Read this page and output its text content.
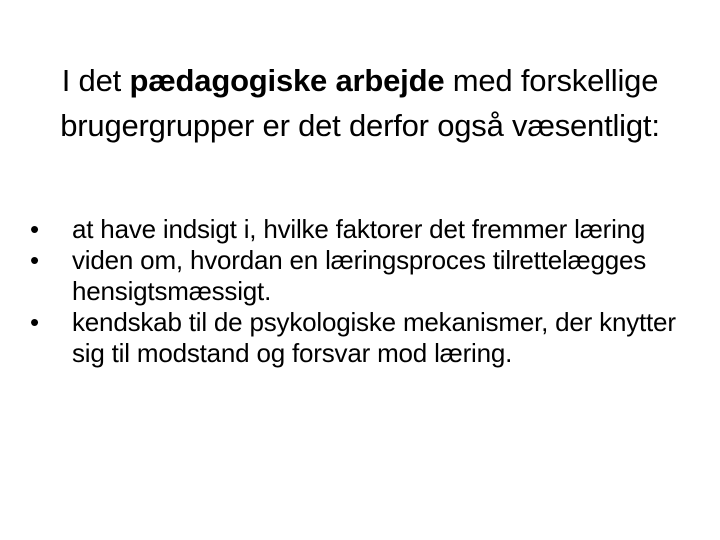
I det pædagogiske arbejde med forskellige brugergrupper er det derfor også væsentligt:
•	at have indsigt i, hvilke faktorer det fremmer læring
•	viden om, hvordan en læringsproces tilrettelægges hensigtsmæssigt.
•	kendskab til de psykologiske mekanismer, der knytter sig til modstand og forsvar mod læring.
